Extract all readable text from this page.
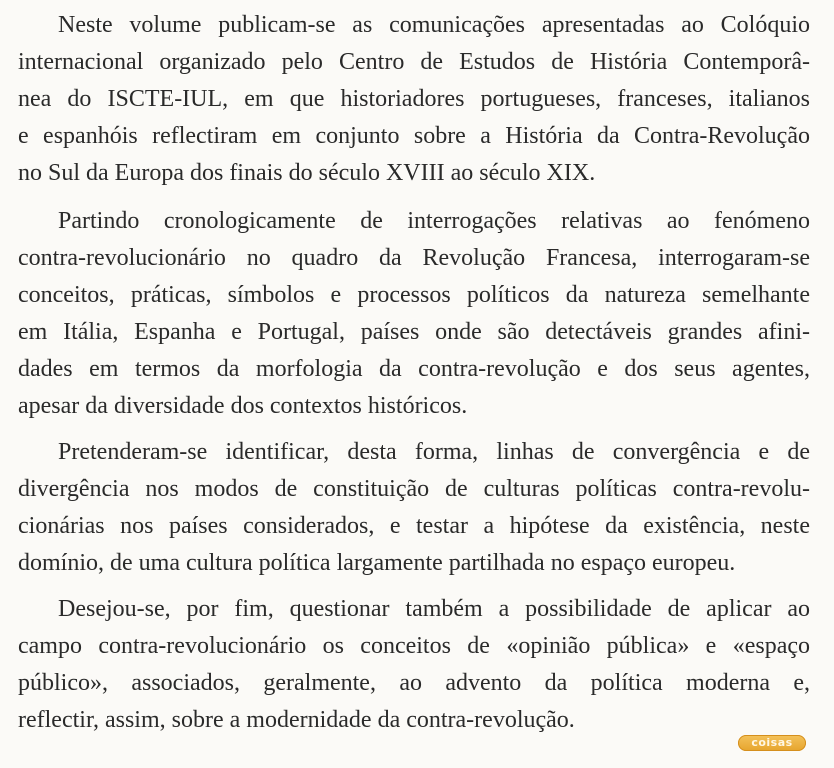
Neste volume publicam-se as comunicações apresentadas ao Colóquio
internacional organizado pelo Centro de Estudos de História Contemporâ-
nea do ISCTE-IUL, em que historiadores portugueses, franceses, italianos
e espanhóis reflectiram em conjunto sobre a História da Contra-Revolução
no Sul da Europa dos finais do século XVIII ao século XIX.

Partindo cronologicamente de interrogações relativas ao fenómeno
contra-revolucionário no quadro da Revolução Francesa, interrogaram-se
conceitos, práticas, símbolos e processos políticos da natureza semelhante
em Itália, Espanha e Portugal, países onde são detectáveis grandes afini-
dades em termos da morfologia da contra-revolução e dos seus agentes,
apesar da diversidade dos contextos históricos.

Pretenderam-se identificar, desta forma, linhas de convergência e de
divergência nos modos de constituição de culturas políticas contra-revolu-
cionárias nos países considerados, e testar a hipótese da existência, neste
domínio, de uma cultura política largamente partilhada no espaço europeu.

Desejou-se, por fim, questionar também a possibilidade de aplicar ao
campo contra-revolucionário os conceitos de «opinião pública» e «espaço
público», associados, geralmente, ao advento da política moderna e,
reflectir, assim, sobre a modernidade da contra-revolução.

coisas
